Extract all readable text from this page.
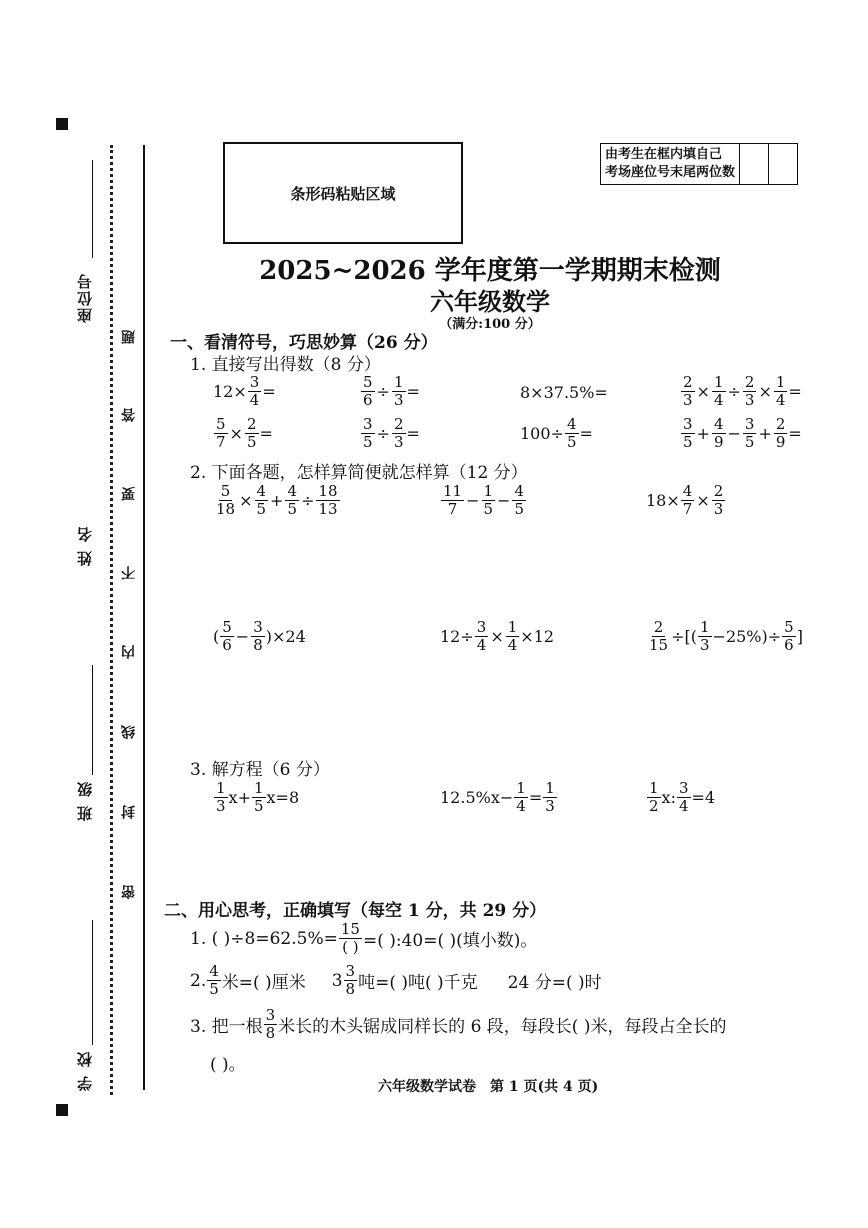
座位号
姓 名
班 级
学 校
题
答
要
不
内
线
封
密
条形码粘贴区域
由考生在框内填自己
考场座位号末尾两位数
2025~2026 学年度第一学期期末检测
六年级数学
（满分:100 分）
一、看清符号，巧思妙算（26 分）
1. 直接写出得数（8 分）
$12\times \frac{3}{4}$ =	$\frac{5}{6} \div \frac{1}{3}$ =	8×37.5%=	$\frac{2}{3} \times \frac{1}{4} \div \frac{2}{3} \times \frac{1}{4}$ =
$\frac{5}{7} \times \frac{2}{5}$ =	$\frac{3}{5} \div \frac{2}{3}$ =	$100\div \frac{4}{5}$ =	$\frac{3}{5} + \frac{4}{9} - \frac{3}{5} + \frac{2}{9}$ =
2. 下面各题，怎样算简便就怎样算（12 分）
$\frac{5}{18} \times \frac{4}{5} + \frac{4}{5} \div \frac{18}{13}$	$\frac{11}{7} - \frac{1}{5} - \frac{4}{5}$	$18\times \frac{4}{7} \times \frac{2}{3}$
( $\frac{5}{6} - \frac{3}{8} )\times 24$	$12\div \frac{3}{4} \times \frac{1}{4} \times 12$	$\frac{2}{15}$ ÷[( $\frac{1}{3} -25\%)\div \frac{5}{6}$ ]
3. 解方程（6 分）
$\frac{1}{3} x+ \frac{1}{5} x=8$	$12.5\%x- \frac{1}{4} = \frac{1}{3}$	$\frac{1}{2} x$: $\frac{3}{4} =4$
二、用心思考，正确填写（每空 1 分，共 29 分）
1. ( )$\div 8=62.5\%= \frac{15}{( )}$ =( ):40=( )(填小数)。
2. $\frac{4}{5}$ 米=( )厘米 $3 \frac{3}{8}$ 吨=( )吨( )千克 24 分=( )时
3. 把一根 $\frac{3}{8}$ 米长的木头锯成同样长的 6 段，每段长( )米，每段占全长的
( )。
六年级数学试卷　第 1 页(共 4 页)
